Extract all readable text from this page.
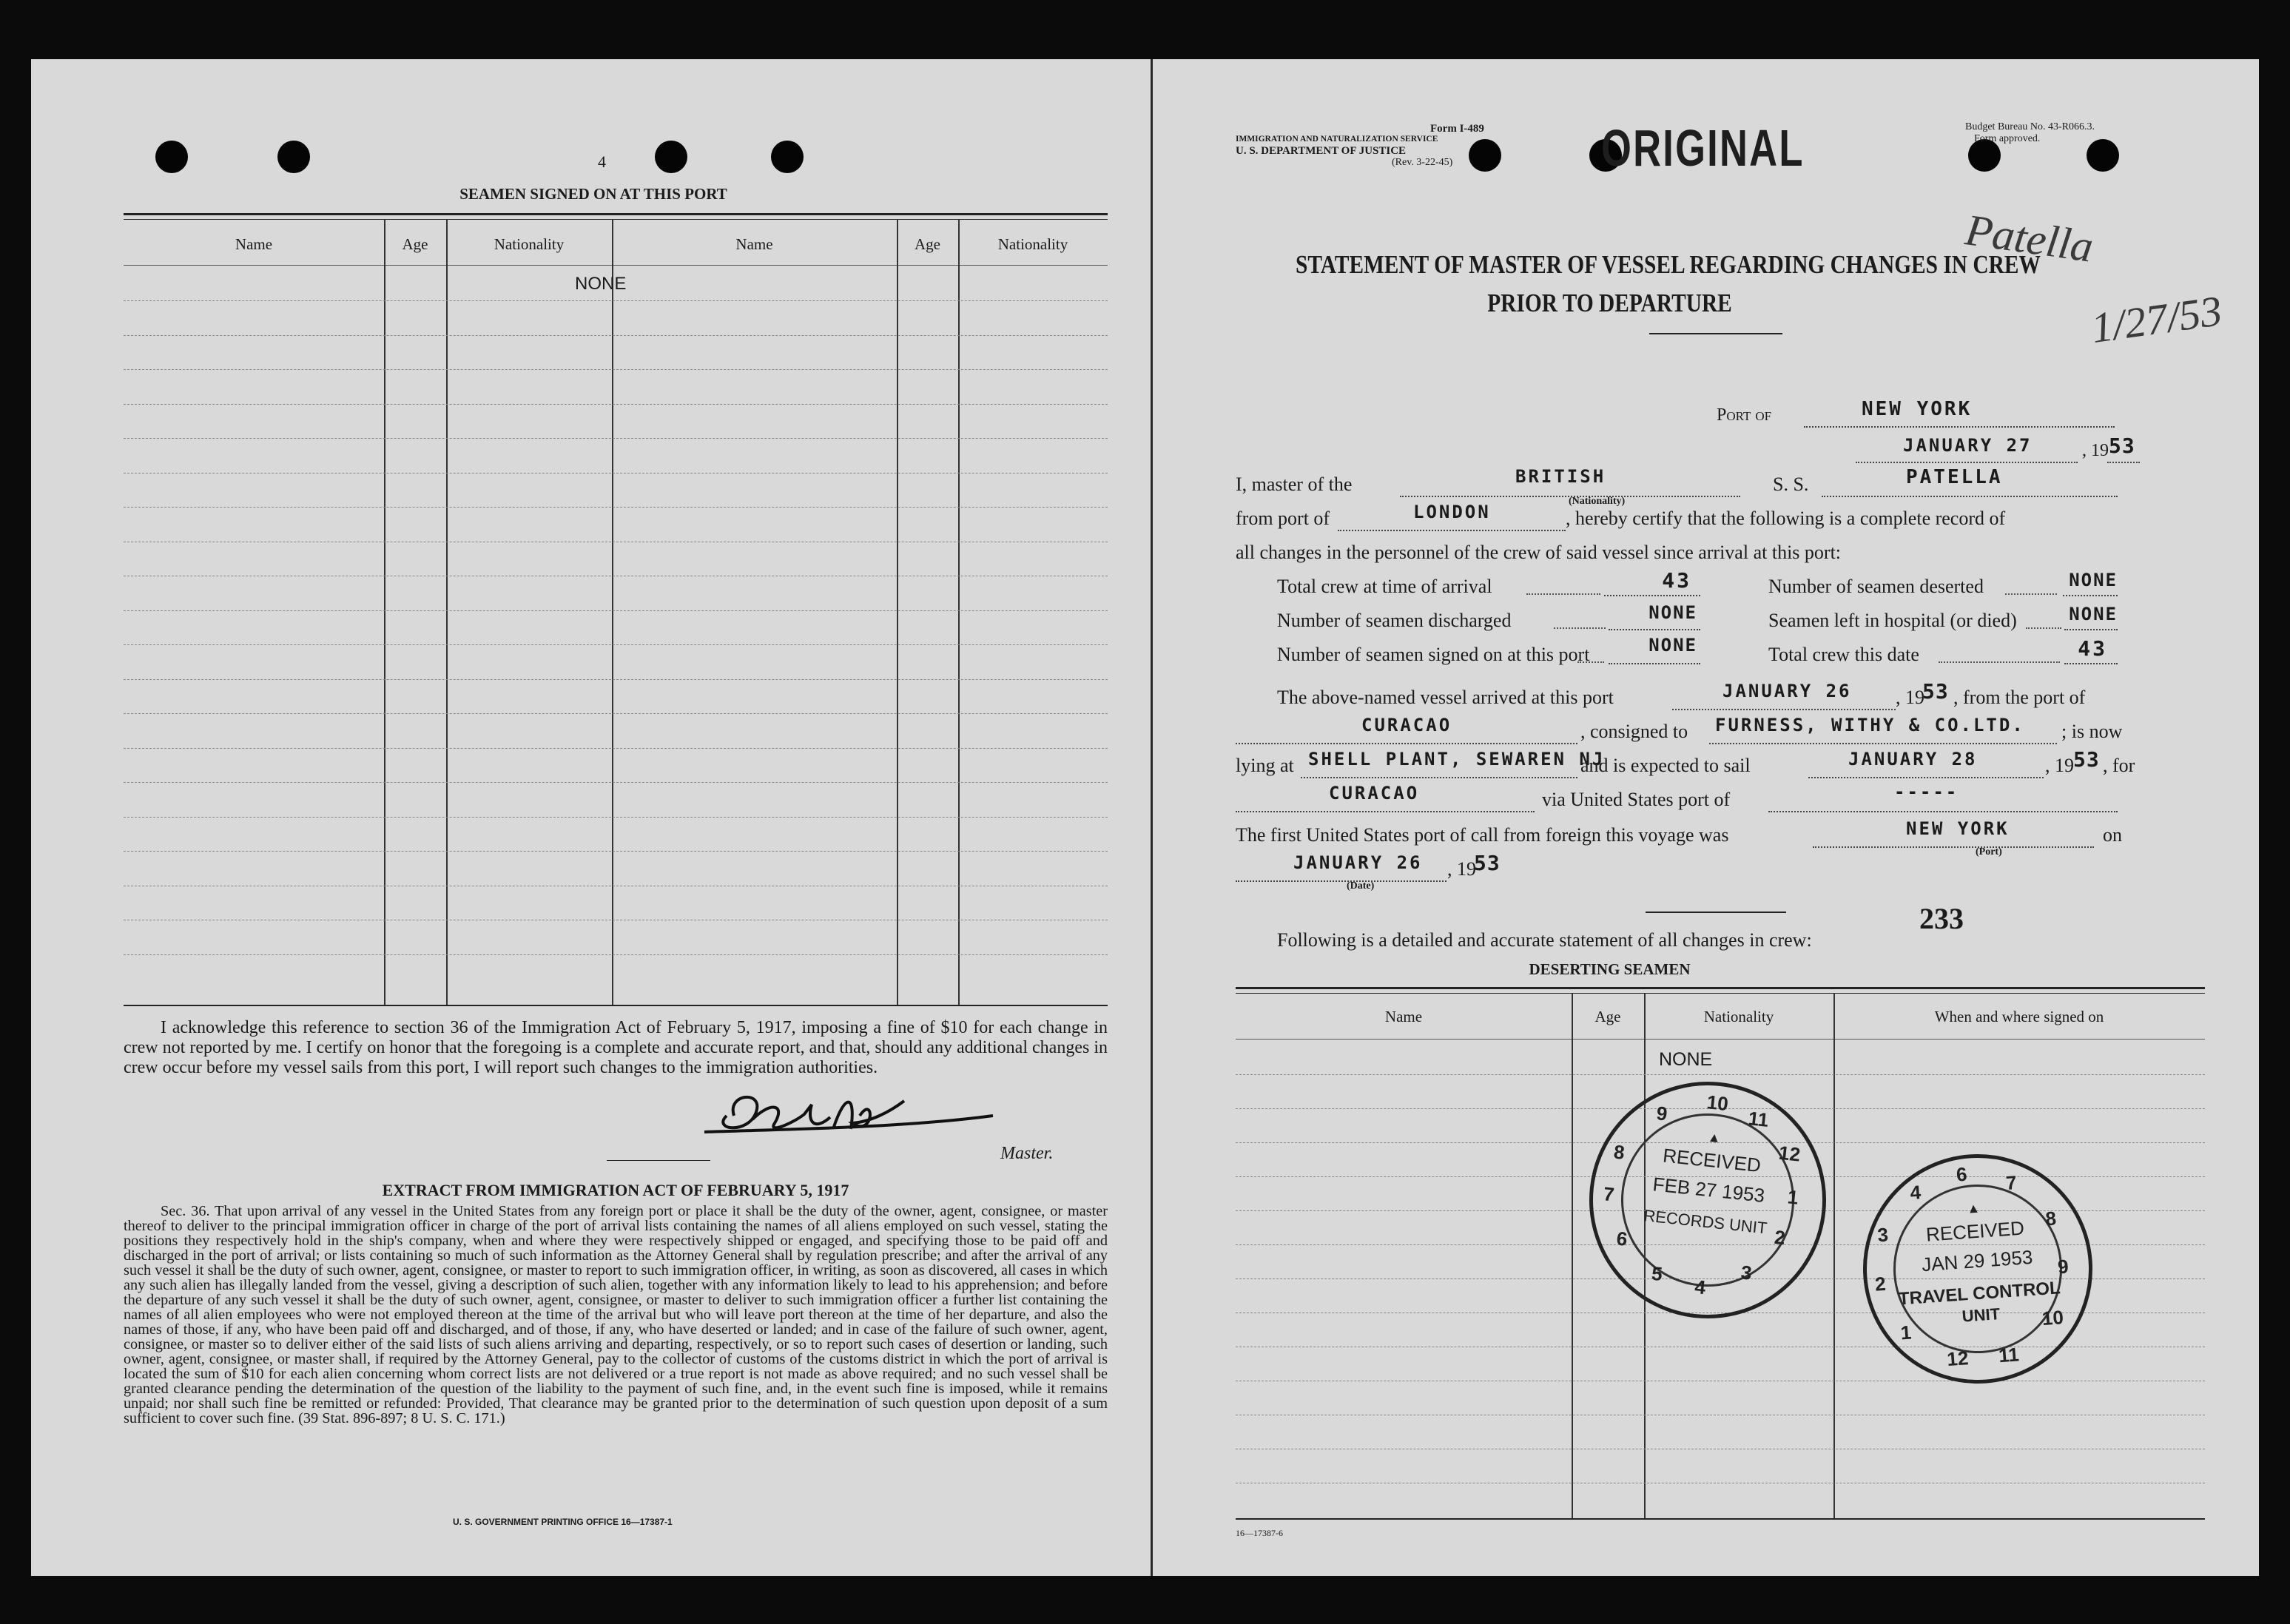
4
SEAMEN SIGNED ON AT THIS PORT
Name	Age	Nationality	Name	Age	Nationality
NONE
I acknowledge this reference to section 36 of the Immigration Act of February 5, 1917, imposing a fine of $10 for each change in crew not reported by me. I certify on honor that the foregoing is a complete and accurate report, and that, should any additional changes in crew occur before my vessel sails from this port, I will report such changes to the immigration authorities.
Master.
EXTRACT FROM IMMIGRATION ACT OF FEBRUARY 5, 1917
Sec. 36. That upon arrival of any vessel in the United States from any foreign port or place it shall be the duty of the owner, agent, consignee, or master thereof to deliver to the principal immigration officer in charge of the port of arrival lists containing the names of all aliens employed on such vessel, stating the positions they respectively hold in the ship's company, when and where they were respectively shipped or engaged, and specifying those to be paid off and discharged in the port of arrival; or lists containing so much of such information as the Attorney General shall by regulation prescribe; and after the arrival of any such vessel it shall be the duty of such owner, agent, consignee, or master to report to such immigration officer, in writing, as soon as discovered, all cases in which any such alien has illegally landed from the vessel, giving a description of such alien, together with any information likely to lead to his apprehension; and before the departure of any such vessel it shall be the duty of such owner, agent, consignee, or master to deliver to such immigration officer a further list containing the names of all alien employees who were not employed thereon at the time of the arrival but who will leave port thereon at the time of her departure, and also the names of those, if any, who have been paid off and discharged, and of those, if any, who have deserted or landed; and in case of the failure of such owner, agent, consignee, or master so to deliver either of the said lists of such aliens arriving and departing, respectively, or so to report such cases of desertion or landing, such owner, agent, consignee, or master shall, if required by the Attorney General, pay to the collector of customs of the customs district in which the port of arrival is located the sum of $10 for each alien concerning whom correct lists are not delivered or a true report is not made as above required; and no such vessel shall be granted clearance pending the determination of the question of the liability to the payment of such fine, and, in the event such fine is imposed, while it remains unpaid; nor shall such fine be remitted or refunded: Provided, That clearance may be granted prior to the determination of such question upon deposit of a sum sufficient to cover such fine. (39 Stat. 896-897; 8 U. S. C. 171.)
U. S. GOVERNMENT PRINTING OFFICE 16—17387-1
Form I-489
IMMIGRATION AND NATURALIZATION SERVICE
U. S. DEPARTMENT OF JUSTICE
(Rev. 3-22-45)	ORIGINAL	Budget Bureau No. 43-R066.3.
Form approved.
Patella
1/27/53
STATEMENT OF MASTER OF VESSEL REGARDING CHANGES IN CREW
PRIOR TO DEPARTURE
Port of	NEW YORK
JANUARY 27	, 19 53
I, master of the	BRITISH
(Nationality)
S. S.	PATELLA
from port of	LONDON	, hereby certify that the following is a complete record of
all changes in the personnel of the crew of said vessel since arrival at this port:
Total crew at time of arrival	43	Number of seamen deserted	NONE
Number of seamen discharged	NONE	Seamen left in hospital (or died)	NONE
Number of seamen signed on at this port	NONE	Total crew this date	43
The above-named vessel arrived at this port	JANUARY 26 , 19
53 , from the port of
CURACAO	, consigned to FURNESS, WITHY & CO.LTD. ; is now
lying at SHELL PLANT, SEWAREN NJ
and is expected to sail	JANUARY 28	, 19 53 , for
CURACAO	via United States port of	-----
The first United States port of call from foreign this voyage was	NEW YORK
(Port)
on
JANUARY 26
(Date)
, 19
53
233
Following is a detailed and accurate statement of all changes in crew:
DESERTING SEAMEN
Name	Age	Nationality	When and where signed on
NONE
16—17387-6
10
11
12
1
2
3
4
5
6
7
8
9
▲
RECEIVED
FEB 27 1953
RECORDS UNIT
6 7
8
9
10
11
12
1
2
3
4
▲
RECEIVED
JAN 29 1953
TRAVEL CONTROL
UNIT
